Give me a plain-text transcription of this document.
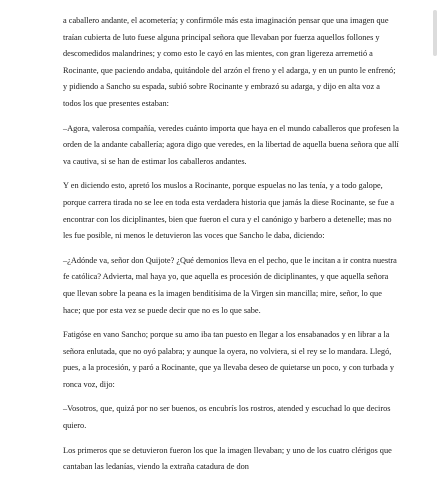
a caballero andante, el acometería; y confirmóle más esta imaginación pensar que una imagen que traían cubierta de luto fuese alguna principal señora que llevaban por fuerza aquellos follones y descomedidos malandrines; y como esto le cayó en las mientes, con gran ligereza arremetió a Rocinante, que paciendo andaba, quitándole del arzón el freno y el adarga, y en un punto le enfrenó; y pidiendo a Sancho su espada, subió sobre Rocinante y embrazó su adarga, y dijo en alta voz a todos los que presentes estaban:

–Agora, valerosa compañía, veredes cuánto importa que haya en el mundo caballeros que profesen la orden de la andante caballería; agora digo que veredes, en la libertad de aquella buena señora que allí va cautiva, si se han de estimar los caballeros andantes.

Y en diciendo esto, apretó los muslos a Rocinante, porque espuelas no las tenía, y a todo galope, porque carrera tirada no se lee en toda esta verdadera historia que jamás la diese Rocinante, se fue a encontrar con los diciplinantes, bien que fueron el cura y el canónigo y barbero a detenelle; mas no les fue posible, ni menos le detuvieron las voces que Sancho le daba, diciendo:

–¿Adónde va, señor don Quijote? ¿Qué demonios lleva en el pecho, que le incitan a ir contra nuestra fe católica? Advierta, mal haya yo, que aquella es procesión de diciplinantes, y que aquella señora que llevan sobre la peana es la imagen benditísima de la Virgen sin mancilla; mire, señor, lo que hace; que por esta vez se puede decir que no es lo que sabe.

Fatigóse en vano Sancho; porque su amo iba tan puesto en llegar a los ensabanados y en librar a la señora enlutada, que no oyó palabra; y aunque la oyera, no volviera, si el rey se lo mandara. Llegó, pues, a la procesión, y paró a Rocinante, que ya llevaba deseo de quietarse un poco, y con turbada y ronca voz, dijo:

–Vosotros, que, quizá por no ser buenos, os encubrís los rostros, atended y escuchad lo que deciros quiero.

Los primeros que se detuvieron fueron los que la imagen llevaban; y uno de los cuatro clérigos que cantaban las ledanías, viendo la extraña catadura de don
